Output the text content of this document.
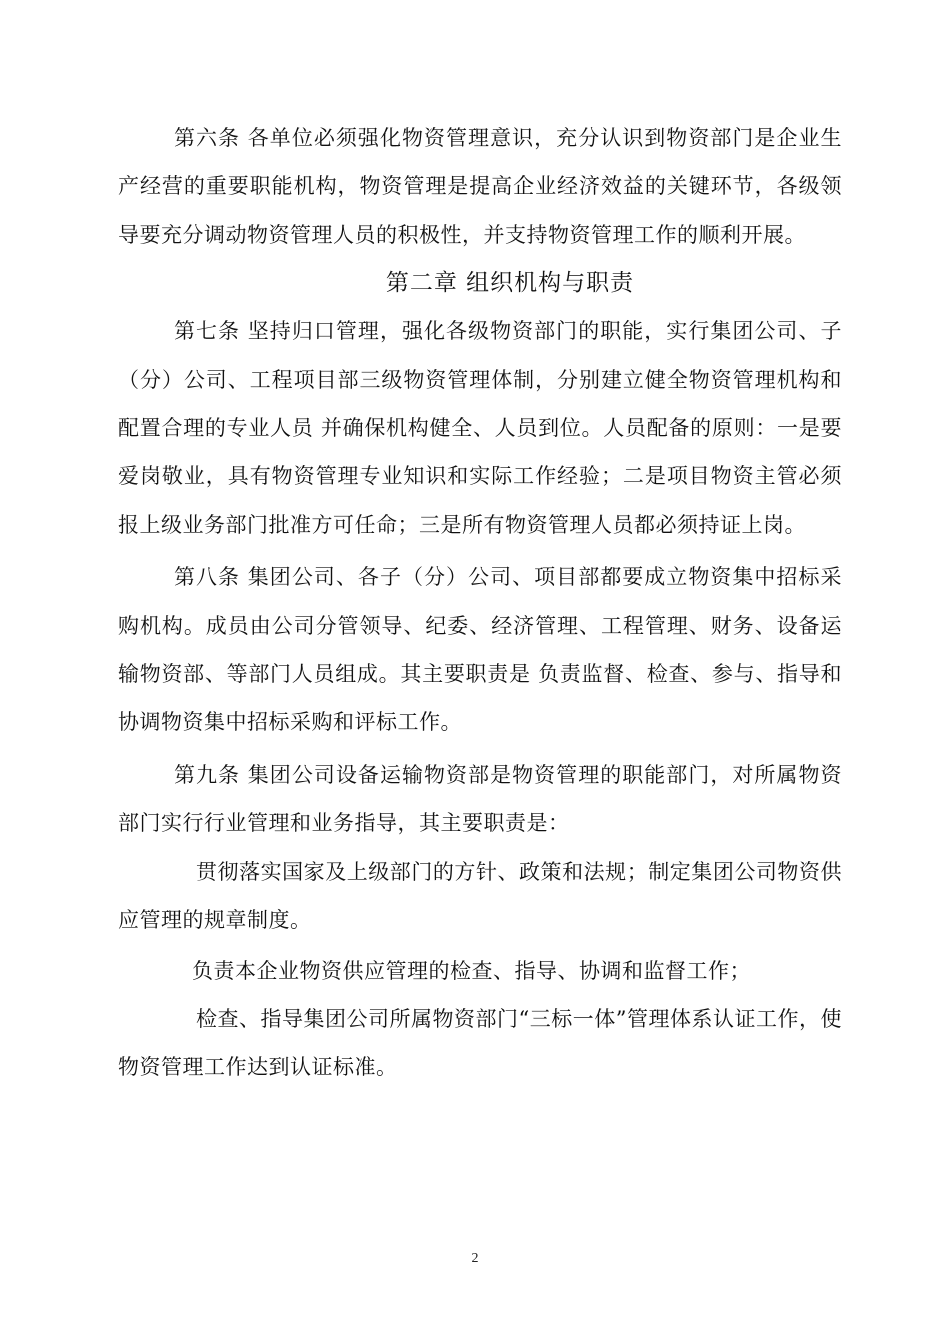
第六条 各单位必须强化物资管理意识，充分认识到物资部门是企业生产经营的重要职能机构，物资管理是提高企业经济效益的关键环节，各级领导要充分调动物资管理人员的积极性，并支持物资管理工作的顺利开展。

第二章 组织机构与职责

第七条 坚持归口管理，强化各级物资部门的职能，实行集团公司、子（分）公司、工程项目部三级物资管理体制，分别建立健全物资管理机构和配置合理的专业人员 并确保机构健全、人员到位。人员配备的原则：一是要爱岗敬业，具有物资管理专业知识和实际工作经验；二是项目物资主管必须报上级业务部门批准方可任命；三是所有物资管理人员都必须持证上岗。

第八条 集团公司、各子（分）公司、项目部都要成立物资集中招标采购机构。成员由公司分管领导、纪委、经济管理、工程管理、财务、设备运输物资部、等部门人员组成。其主要职责是 负责监督、检查、参与、指导和协调物资集中招标采购和评标工作。

第九条 集团公司设备运输物资部是物资管理的职能部门，对所属物资部门实行行业管理和业务指导，其主要职责是：

贯彻落实国家及上级部门的方针、政策和法规；制定集团公司物资供应管理的规章制度。

负责本企业物资供应管理的检查、指导、协调和监督工作；

检查、指导集团公司所属物资部门“三标一体”管理体系认证工作，使物资管理工作达到认证标准。

2
